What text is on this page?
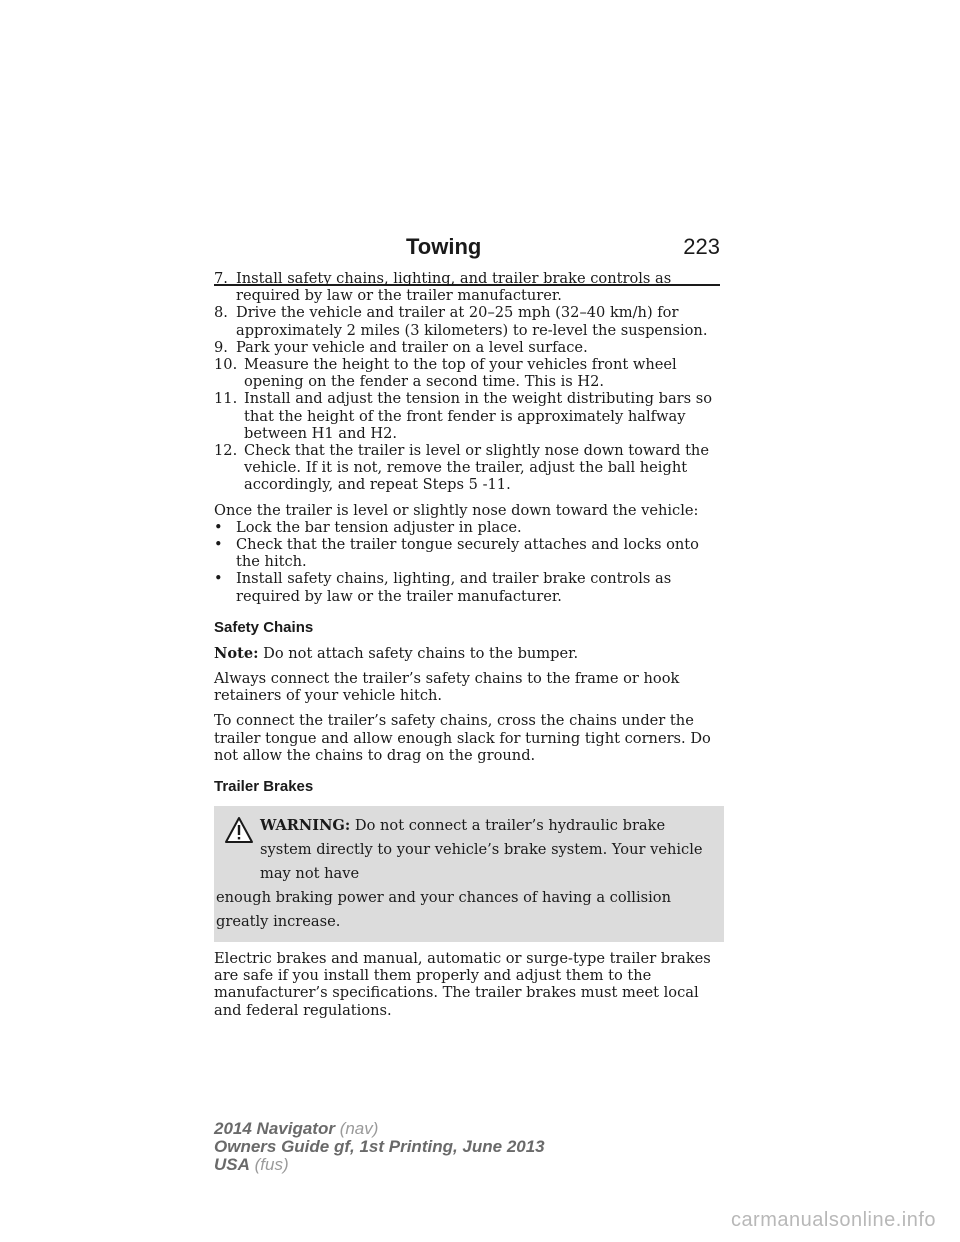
Towing	223
7. Install safety chains, lighting, and trailer brake controls as required by law or the trailer manufacturer.
8. Drive the vehicle and trailer at 20–25 mph (32–40 km/h) for approximately 2 miles (3 kilometers) to re-level the suspension.
9. Park your vehicle and trailer on a level surface.
10. Measure the height to the top of your vehicles front wheel opening on the fender a second time. This is H2.
11. Install and adjust the tension in the weight distributing bars so that the height of the front fender is approximately halfway between H1 and H2.
12. Check that the trailer is level or slightly nose down toward the vehicle. If it is not, remove the trailer, adjust the ball height accordingly, and repeat Steps 5 -11.

Once the trailer is level or slightly nose down toward the vehicle:

• Lock the bar tension adjuster in place.
• Check that the trailer tongue securely attaches and locks onto the hitch.
• Install safety chains, lighting, and trailer brake controls as required by law or the trailer manufacturer.
Safety Chains

Note: Do not attach safety chains to the bumper.

Always connect the trailer’s safety chains to the frame or hook retainers of your vehicle hitch.

To connect the trailer’s safety chains, cross the chains under the trailer tongue and allow enough slack for turning tight corners. Do not allow the chains to drag on the ground.

Trailer Brakes
WARNING: Do not connect a trailer’s hydraulic brake system directly to your vehicle’s brake system. Your vehicle may not have
enough braking power and your chances of having a collision greatly increase.

Electric brakes and manual, automatic or surge-type trailer brakes are safe if you install them properly and adjust them to the manufacturer’s specifications. The trailer brakes must meet local and federal regulations.

2014 Navigator (nav)
Owners Guide gf, 1st Printing, June 2013
USA (fus)
carmanualsonline.info
